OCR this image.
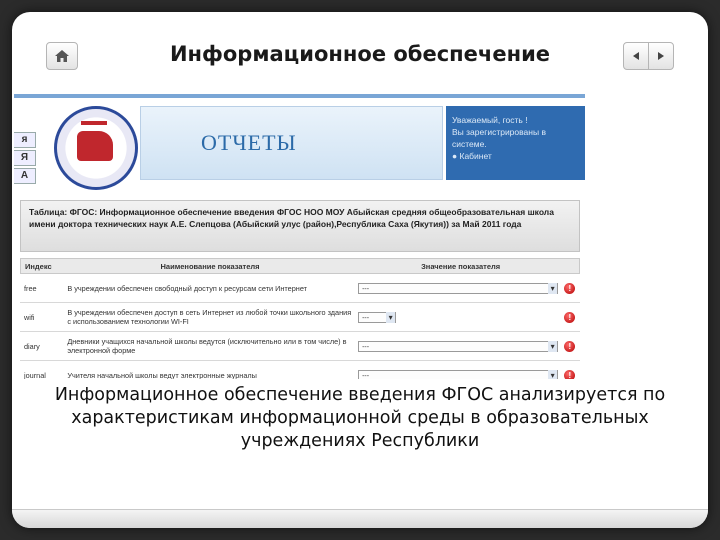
Информационное обеспечение
я
Я
А
ОТЧЕТЫ
Уважаемый, гость !
Вы зарегистрированы в системе.
● Кабинет
Таблица: ФГОС: Информационное обеспечение введения ФГОС НОО МОУ Абыйская средняя общеобразовательная школа имени доктора технических наук А.Е. Слепцова (Абыйский улус (район),Республика Саха (Якутия)) за Май 2011 года
Индекс	Наименование показателя	Значение показателя
free	В учреждении обеспечен свободный доступ к ресурсам сети Интернет	--- ▾	!
wifi	В учреждении обеспечен доступ в сеть Интернет из любой точки школьного здания с использованием технологии WI-FI	--- ▾	!
diary	Дневники учащихся начальной школы ведутся (исключительно или в том числе) в электронной форме	--- ▾	!
journal	Учителя начальной школы ведут электронные журналы	--- ▾	!
Информационное обеспечение введения ФГОС анализируется по характеристикам информационной среды в образовательных учреждениях Республики
